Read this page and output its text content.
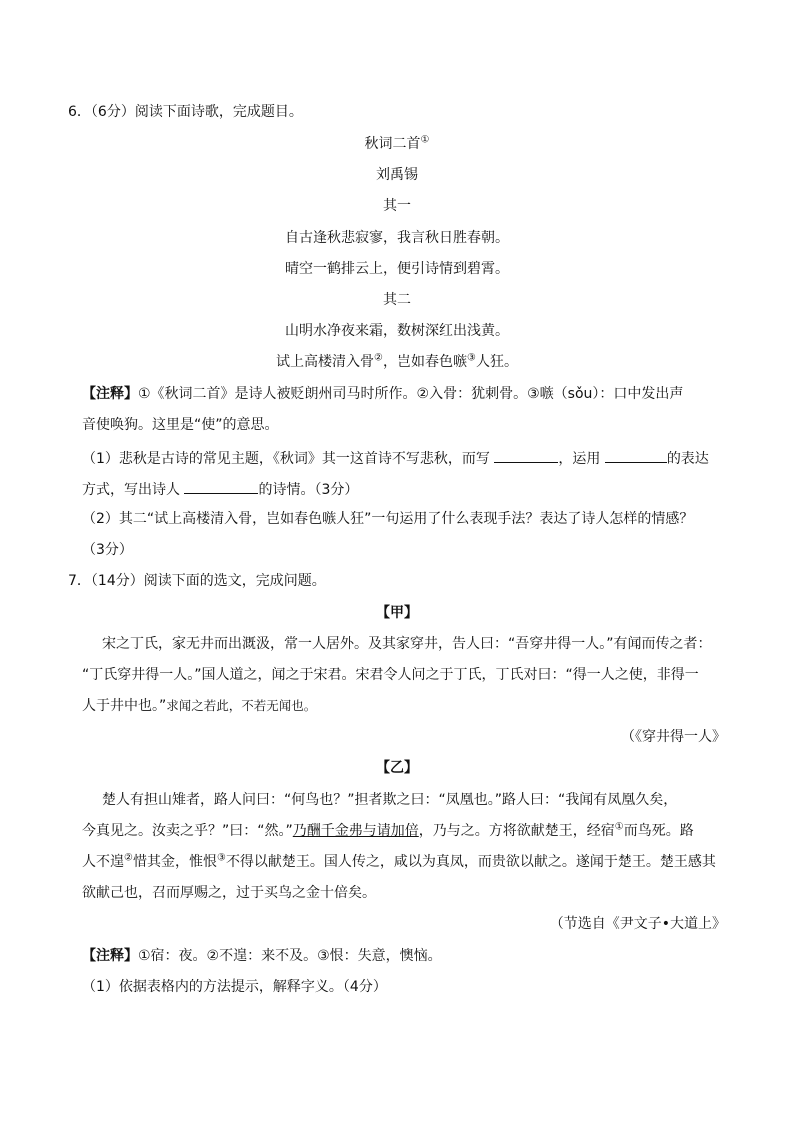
6．（6分）阅读下面诗歌，完成题目。
秋词二首①
刘禹锡
其一
自古逢秋悲寂寥，我言秋日胜春朝。
晴空一鹤排云上，便引诗情到碧霄。
其二
山明水净夜来霜，数树深红出浅黄。
试上高楼清入骨②，岂如春色嗾③人狂。
【注释】①《秋词二首》是诗人被贬朗州司马时所作。②入骨：犹刺骨。③嗾（sǒu）：口中发出声
音使唤狗。这里是“使”的意思。
（1）悲秋是古诗的常见主题，《秋词》其一这首诗不写悲秋，而写	，运用	的表达
方式，写出诗人	的诗情。（3分）
（2）其二“试上高楼清入骨，岂如春色嗾人狂”一句运用了什么表现手法？表达了诗人怎样的情感？
（3分）
7．（14分）阅读下面的选文，完成问题。
【甲】
宋之丁氏，家无井而出溉汲，常一人居外。及其家穿井，告人曰：“吾穿井得一人。”有闻而传之者：
“丁氏穿井得一人。”国人道之，闻之于宋君。宋君令人问之于丁氏，丁氏对曰：“得一人之使，非得一
人于井中也。”求闻之若此，不若无闻也。
（《穿井得一人》
【乙】
楚人有担山雉者，路人问曰：“何鸟也？”担者欺之曰：“凤凰也。”路人曰：“我闻有凤凰久矣，
今真见之。汝卖之乎？”曰：“然。”乃酬千金弗与请加倍，乃与之。方将欲献楚王，经宿①而鸟死。路
人不遑②惜其金，惟恨③不得以献楚王。国人传之，咸以为真凤，而贵欲以献之。遂闻于楚王。楚王感其
欲献己也，召而厚赐之，过于买鸟之金十倍矣。
（节选自《尹文子•大道上》
【注释】①宿：夜。②不遑：来不及。③恨：失意，懊恼。
（1）依据表格内的方法提示，解释字义。（4分）
